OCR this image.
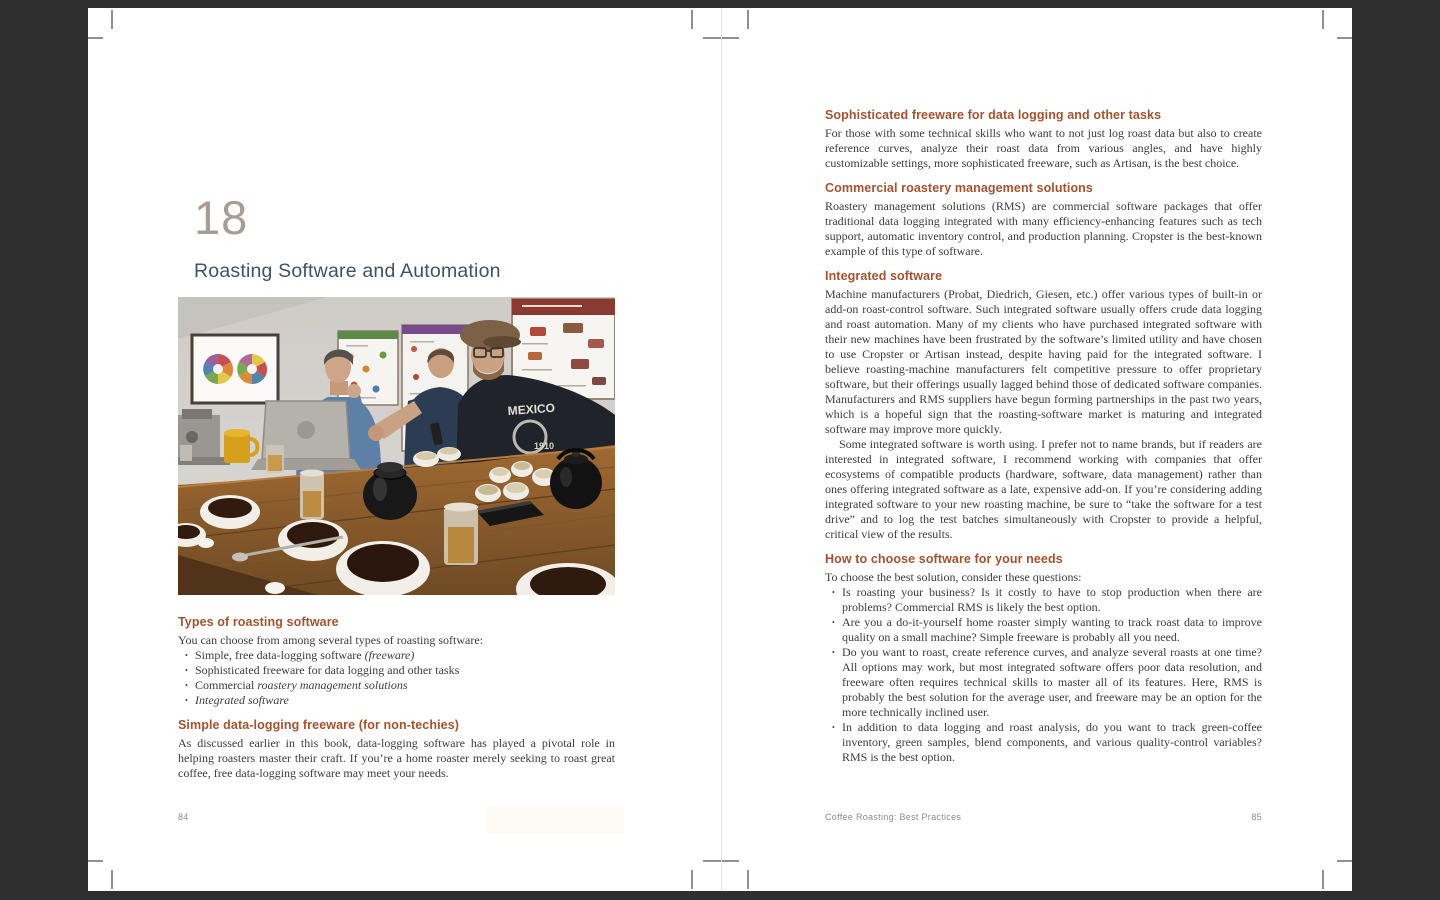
18
Roasting Software and Automation
MEXICO
1910
Types of roasting software

You can choose from among several types of roasting software:

• Simple, free data-logging software (freeware)
• Sophisticated freeware for data logging and other tasks
• Commercial roastery management solutions
• Integrated software
Simple data-logging freeware (for non-techies)

As discussed earlier in this book, data-logging software has played a pivotal role in helping roasters master their craft. If you’re a home roaster merely seeking to roast great coffee, free data-logging software may meet your needs.

84
Sophisticated freeware for data logging and other tasks

For those with some technical skills who want to not just log roast data but also to create reference curves, analyze their roast data from various angles, and have highly customizable settings, more sophisticated freeware, such as Artisan, is the best choice.

Commercial roastery management solutions

Roastery management solutions (RMS) are commercial software packages that offer traditional data logging integrated with many efficiency-enhancing features such as tech support, automatic inventory control, and production planning. Cropster is the best-known example of this type of software.

Integrated software

Machine manufacturers (Probat, Diedrich, Giesen, etc.) offer various types of built-in or add-on roast-control software. Such integrated software usually offers crude data logging and roast automation. Many of my clients who have purchased integrated software with their new machines have been frustrated by the software’s limited utility and have chosen to use Cropster or Artisan instead, despite having paid for the integrated software. I believe roasting-machine manufacturers felt competitive pressure to offer proprietary software, but their offerings usually lagged behind those of dedicated software companies. Manufacturers and RMS suppliers have begun forming partnerships in the past two years, which is a hopeful sign that the roasting-software market is maturing and integrated software may improve more quickly.

Some integrated software is worth using. I prefer not to name brands, but if readers are interested in integrated software, I recommend working with companies that offer ecosystems of compatible products (hardware, software, data management) rather than ones offering integrated software as a late, expensive add-on. If you’re considering adding integrated software to your new roasting machine, be sure to “take the software for a test drive” and to log the test batches simultaneously with Cropster to provide a helpful, critical view of the results.

How to choose software for your needs

To choose the best solution, consider these questions:

• Is roasting your business? Is it costly to have to stop production when there are problems? Commercial RMS is likely the best option.
• Are you a do-it-yourself home roaster simply wanting to track roast data to improve quality on a small machine? Simple freeware is probably all you need.
• Do you want to roast, create reference curves, and analyze several roasts at one time? All options may work, but most integrated software offers poor data resolution, and freeware often requires technical skills to master all of its features. Here, RMS is probably the best solution for the average user, and freeware may be an option for the more technically inclined user.
• In addition to data logging and roast analysis, do you want to track green-coffee inventory, green samples, blend components, and various quality-control variables? RMS is the best option.
Coffee Roasting: Best Practices	85
